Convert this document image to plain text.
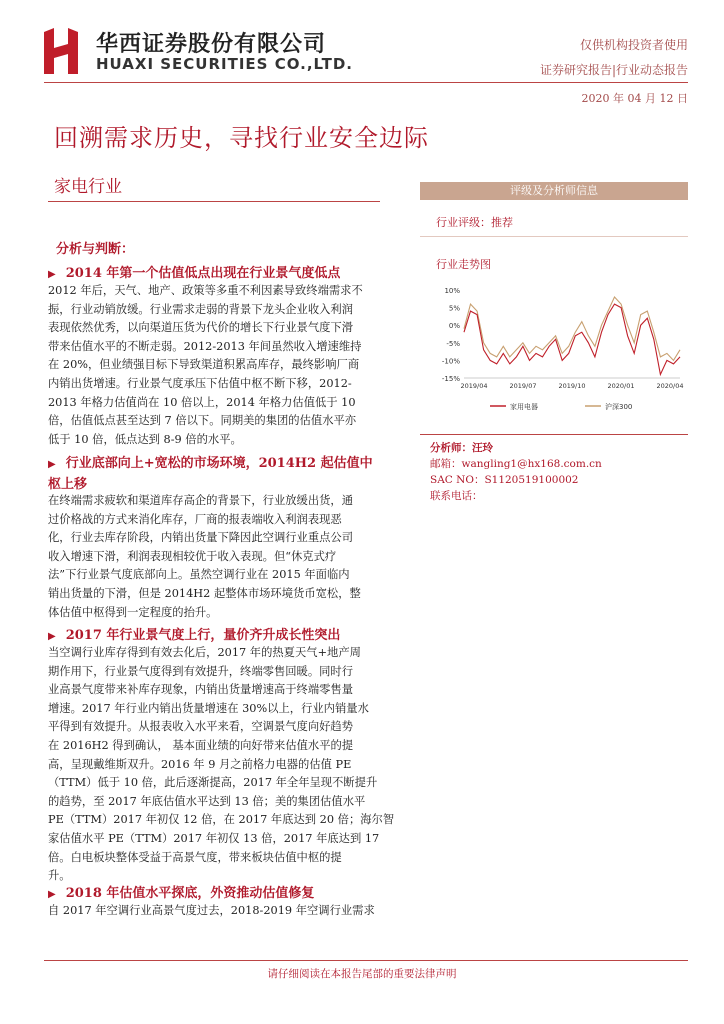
华西证券股份有限公司
HUAXI SECURITIES CO.,LTD.
仅供机构投资者使用
证券研究报告|行业动态报告
2020 年 04 月 12 日
回溯需求历史，寻找行业安全边际
家电行业
分析与判断：
▶ 2014 年第一个估值低点出现在行业景气度低点
2012 年后，天气、地产、政策等多重不利因素导致终端需求不
振，行业动销放缓。行业需求走弱的背景下龙头企业收入利润
表现依然优秀，以向渠道压货为代价的增长下行业景气度下滑
带来估值水平的不断走弱。2012-2013 年间虽然收入增速维持
在 20%，但业绩强目标下导致渠道积累高库存，最终影响厂商
内销出货增速。行业景气度承压下估值中枢不断下移，2012-
2013 年格力估值尚在 10 倍以上，2014 年格力估值低于 10
倍，估值低点甚至达到 7 倍以下。同期美的集团的估值水平亦
低于 10 倍，低点达到 8-9 倍的水平。
▶ 行业底部向上+宽松的市场环境，2014H2 起估值中
枢上移
在终端需求疲软和渠道库存高企的背景下，行业放缓出货，通
过价格战的方式来消化库存，厂商的报表端收入利润表现恶
化，行业去库存阶段，内销出货量下降因此空调行业重点公司
收入增速下滑，利润表现相较优于收入表现。但“休克式疗
法”下行业景气度底部向上。虽然空调行业在 2015 年面临内
销出货量的下滑，但是 2014H2 起整体市场环境货币宽松，整
体估值中枢得到一定程度的抬升。
▶ 2017 年行业景气度上行，量价齐升成长性突出
当空调行业库存得到有效去化后，2017 年的热夏天气+地产周
期作用下，行业景气度得到有效提升，终端零售回暖。同时行
业高景气度带来补库存现象，内销出货量增速高于终端零售量
增速。2017 年行业内销出货量增速在 30%以上，行业内销量水
平得到有效提升。从报表收入水平来看，空调景气度向好趋势
在 2016H2 得到确认， 基本面业绩的向好带来估值水平的提
高，呈现戴维斯双升。2016 年 9 月之前格力电器的估值 PE
（TTM）低于 10 倍，此后逐渐提高，2017 年全年呈现不断提升
的趋势，至 2017 年底估值水平达到 13 倍；美的集团估值水平
PE（TTM）2017 年初仅 12 倍，在 2017 年底达到 20 倍；海尔智
家估值水平 PE（TTM）2017 年初仅 13 倍，2017 年底达到 17
倍。白电板块整体受益于高景气度，带来板块估值中枢的提
升。
▶ 2018 年估值水平探底，外资推动估值修复
自 2017 年空调行业高景气度过去，2018-2019 年空调行业需求
评级及分析师信息
行业评级：推荐
行业走势图
10%
5%
0%
-5%
-10%
-15%
2019/04	2019/07	2019/10	2020/01	2020/04
家用电器	沪深300
分析师：汪玲
邮箱：wangling1@hx168.com.cn
SAC NO：S1120519100002
联系电话：
请仔细阅读在本报告尾部的重要法律声明
